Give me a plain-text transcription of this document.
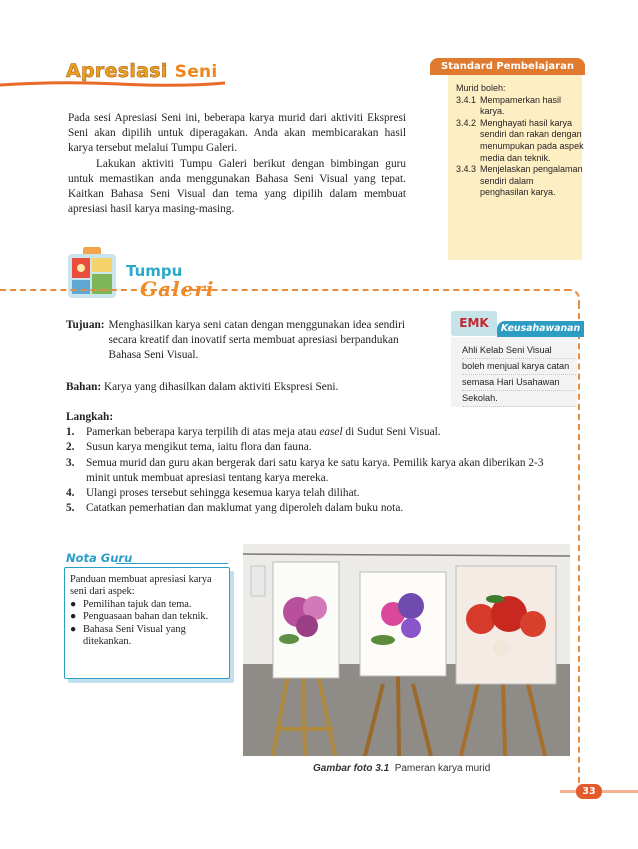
Apresiasi Seni

Pada sesi Apresiasi Seni ini, beberapa karya murid dari aktiviti Ekspresi Seni akan dipilih untuk diperagakan. Anda akan membicarakan hasil karya tersebut melalui Tumpu Galeri.

Lakukan aktiviti Tumpu Galeri berikut dengan bimbingan guru untuk memastikan anda menggunakan Bahasa Seni Visual yang tepat. Kaitkan Bahasa Seni Visual dan tema yang dipilih dalam membuat apresiasi hasil karya masing-masing.

Standard Pembelajaran
Murid boleh:
3.4.1 Mempamerkan hasil karya.
3.4.2 Menghayati hasil karya sendiri dan rakan dengan menumpukan pada aspek media dan teknik.
3.4.3 Menjelaskan pengalaman sendiri dalam penghasilan karya.
Tumpu
Galeri
Tujuan: Menghasilkan karya seni catan dengan menggunakan idea sendiri secara kreatif dan inovatif serta membuat apresiasi berpandukan Bahasa Seni Visual.
Bahan: Karya yang dihasilkan dalam aktiviti Ekspresi Seni.
EMK	Keusahawanan
Ahli Kelab Seni Visual
boleh menjual karya catan
semasa Hari Usahawan
Sekolah.
Langkah:
1.	Pamerkan beberapa karya terpilih di atas meja atau easel di Sudut Seni Visual.
2.	Susun karya mengikut tema, iaitu flora dan fauna.
3.	Semua murid dan guru akan bergerak dari satu karya ke satu karya. Pemilik karya akan diberikan 2-3 minit untuk membuat apresiasi tentang karya mereka.
4.	Ulangi proses tersebut sehingga kesemua karya telah dilihat.
5.	Catatkan pemerhatian dan maklumat yang diperoleh dalam buku nota.
Nota Guru
Panduan membuat apresiasi karya seni dari aspek:
● Pemilihan tajuk dan tema.
● Penguasaan bahan dan teknik.
● Bahasa Seni Visual yang ditekankan.
Gambar foto 3.1 Pameran karya murid
33
